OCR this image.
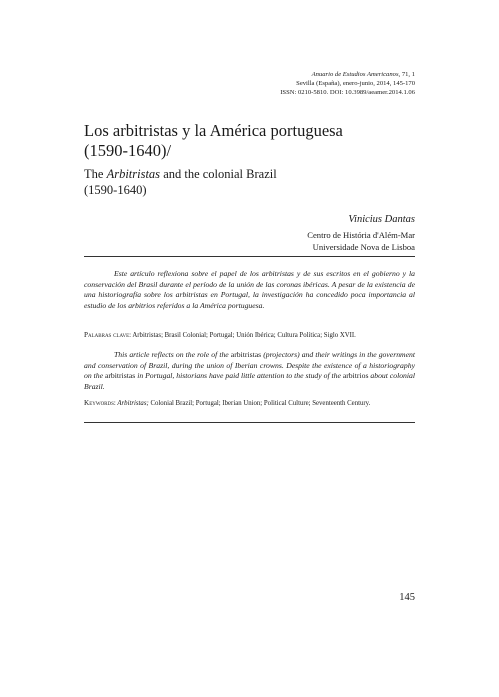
Anuario de Estudios Americanos, 71, 1
Sevilla (España), enero-junio, 2014, 145-170
ISSN: 0210-5810. DOI: 10.3989/aeamer.2014.1.06
Los arbitristas y la América portuguesa
(1590-1640)/
The Arbitristas and the colonial Brazil
(1590-1640)
Vinicius Dantas
Centro de História d'Além-Mar
Universidade Nova de Lisboa

Este artículo reflexiona sobre el papel de los arbitristas y de sus escritos en el gobierno y la conservación del Brasil durante el período de la unión de las coronas ibéricas. A pesar de la existencia de una historiografía sobre los arbitristas en Portugal, la investigación ha concedido poca importancia al estudio de los arbitrios referidos a la América portuguesa.

Palabras clave: Arbitristas; Brasil Colonial; Portugal; Unión Ibérica; Cultura Política; Siglo XVII.

This article reflects on the role of the arbitristas (projectors) and their writings in the government and conservation of Brazil, during the union of Iberian crowns. Despite the existence of a historiography on the arbitristas in Portugal, historians have paid little attention to the study of the arbitrios about colonial Brazil.

Keywords: Arbitristas; Colonial Brazil; Portugal; Iberian Union; Political Culture; Seventeenth Century.
145
